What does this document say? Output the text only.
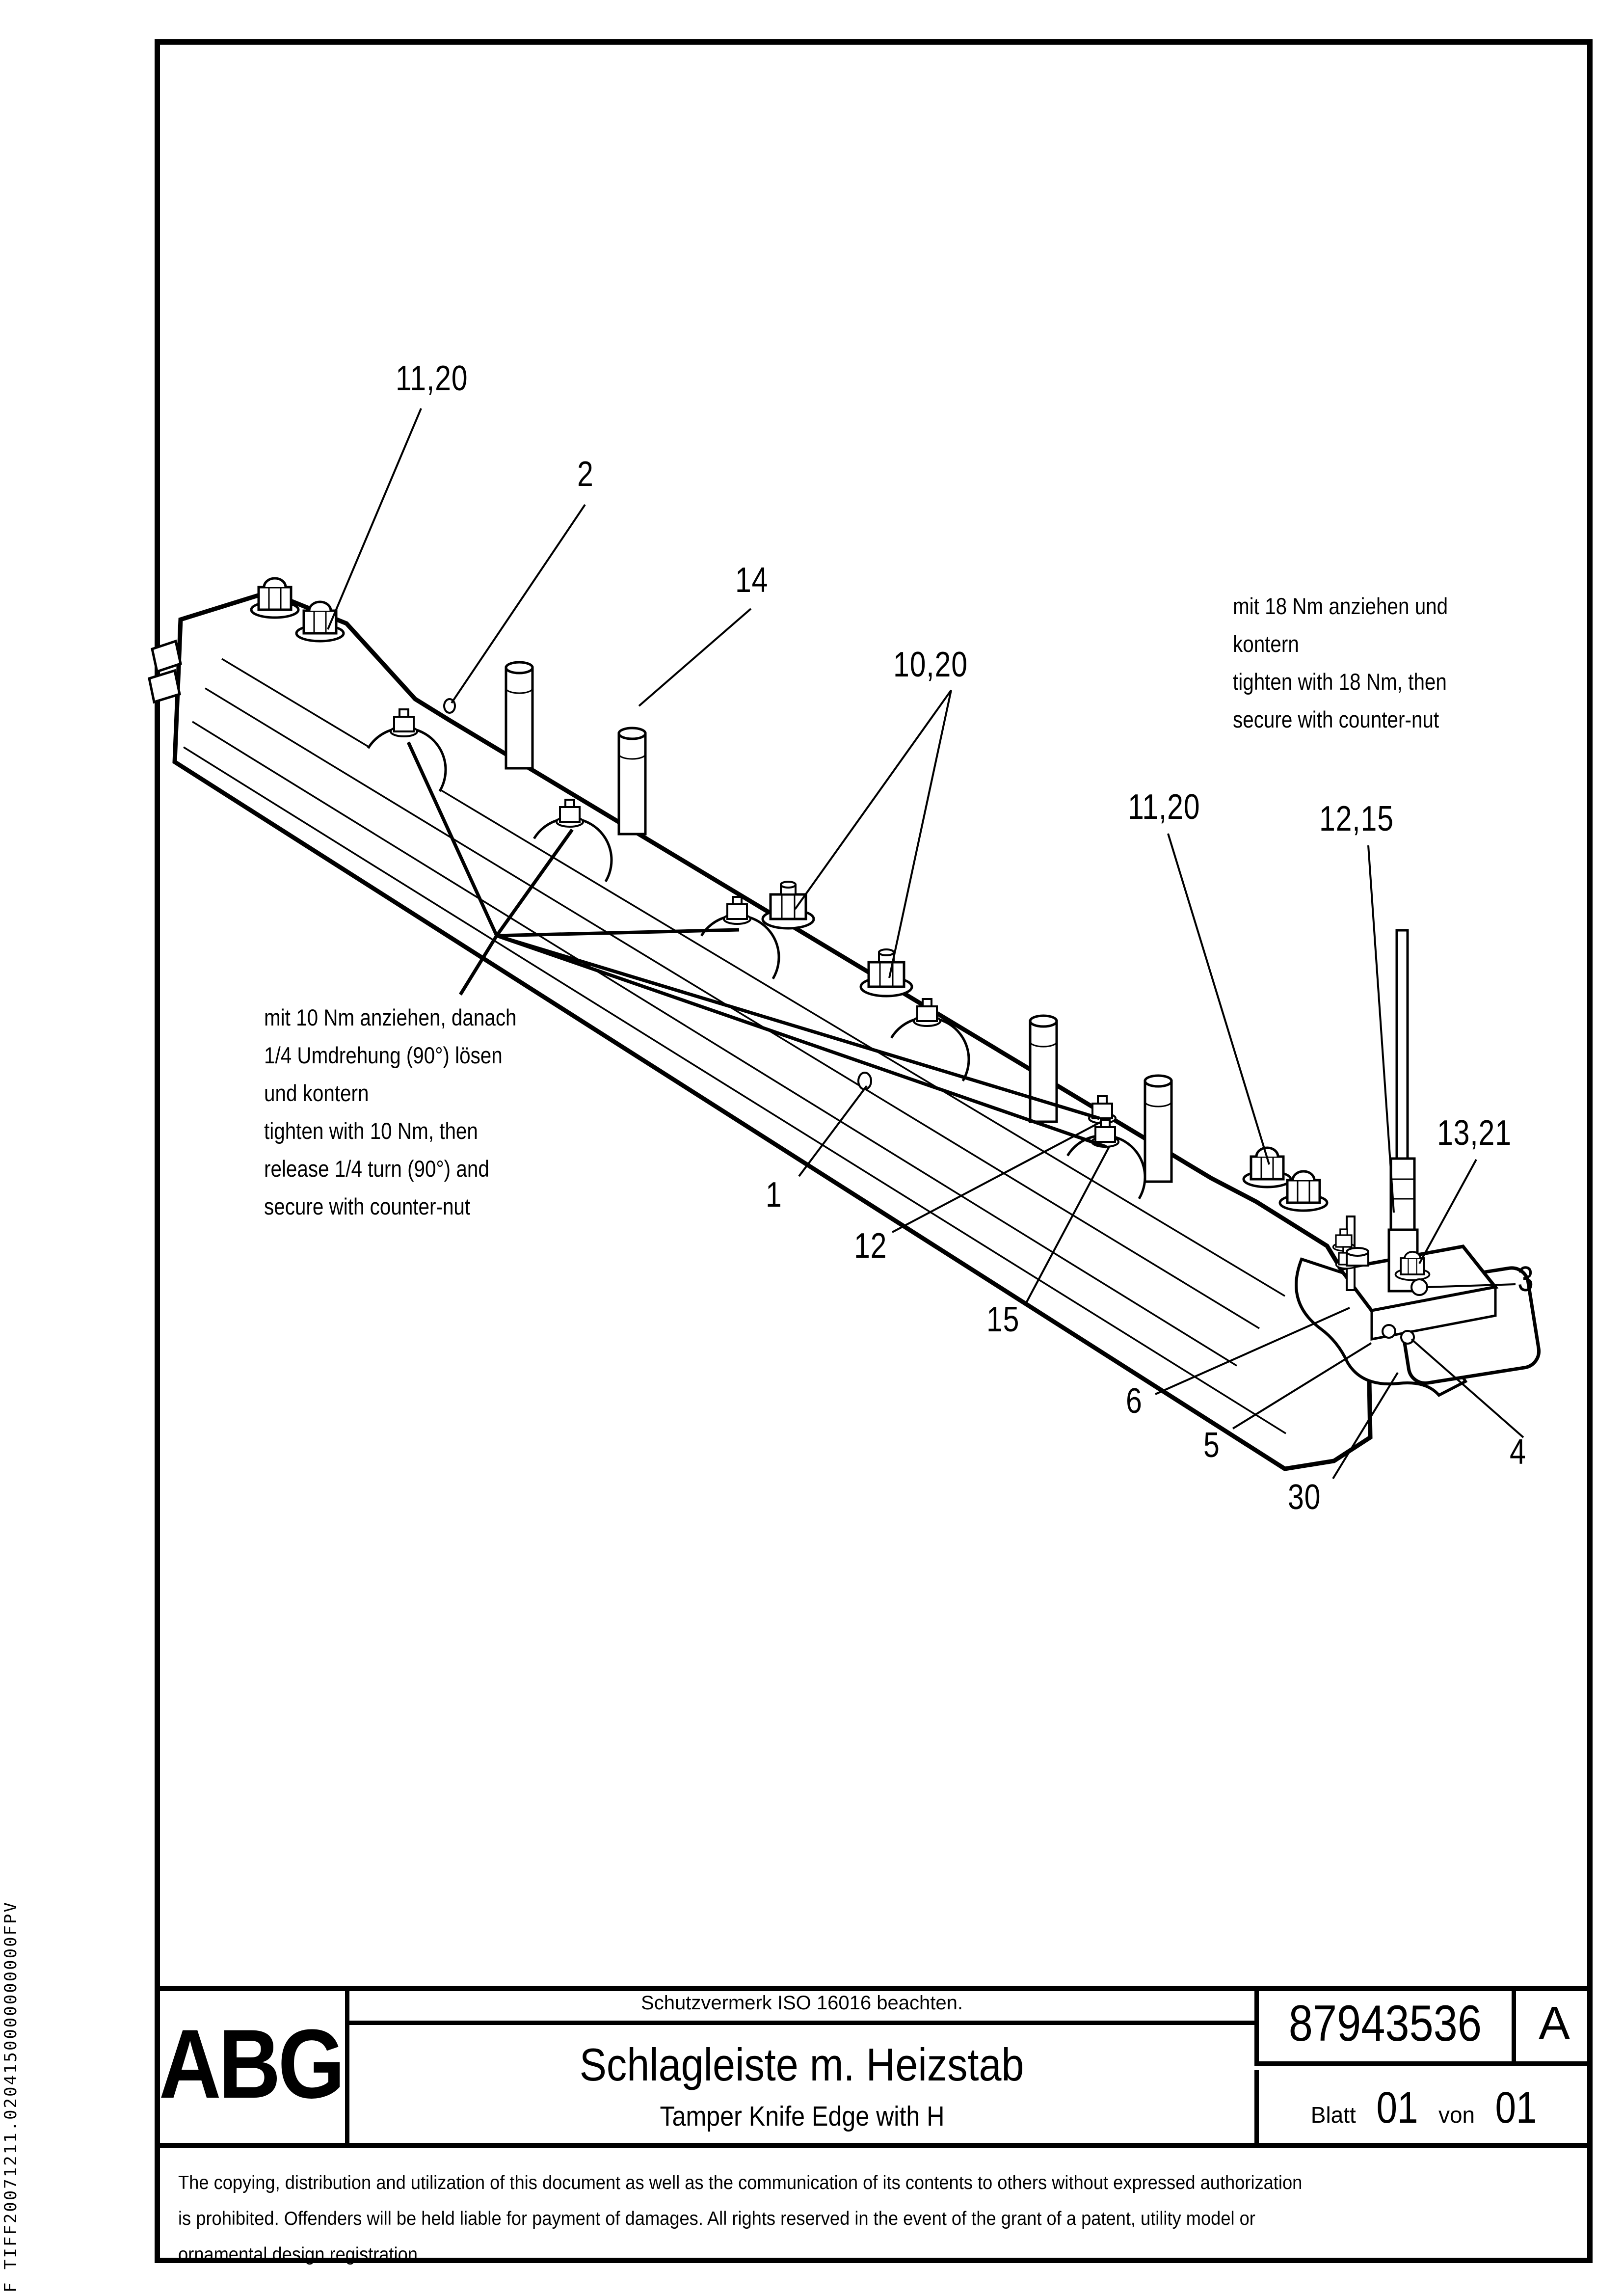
F TIFF20071211.0204150000000000FPV
11,20
2
14
10,20
11,20	12,15
13,21
1
12
15
3
6
5	4
30
mit 18 Nm anziehen und
kontern
tighten with 18 Nm, then
secure with counter-nut
mit 10 Nm anziehen, danach
1/4 Umdrehung (90°) lösen
und kontern
tighten with 10 Nm, then
release 1/4 turn (90°) and
secure with counter-nut
ABG
Schutzvermerk ISO 16016 beachten.
Schlagleiste m. Heizstab
Tamper Knife Edge with H
87943536	A
Blatt 01 von 01
The copying, distribution and utilization of this document as well as the communication of its contents to others without expressed authorization
is prohibited. Offenders will be held liable for payment of damages. All rights reserved in the event of the grant of a patent, utility model or
ornamental design registration.
